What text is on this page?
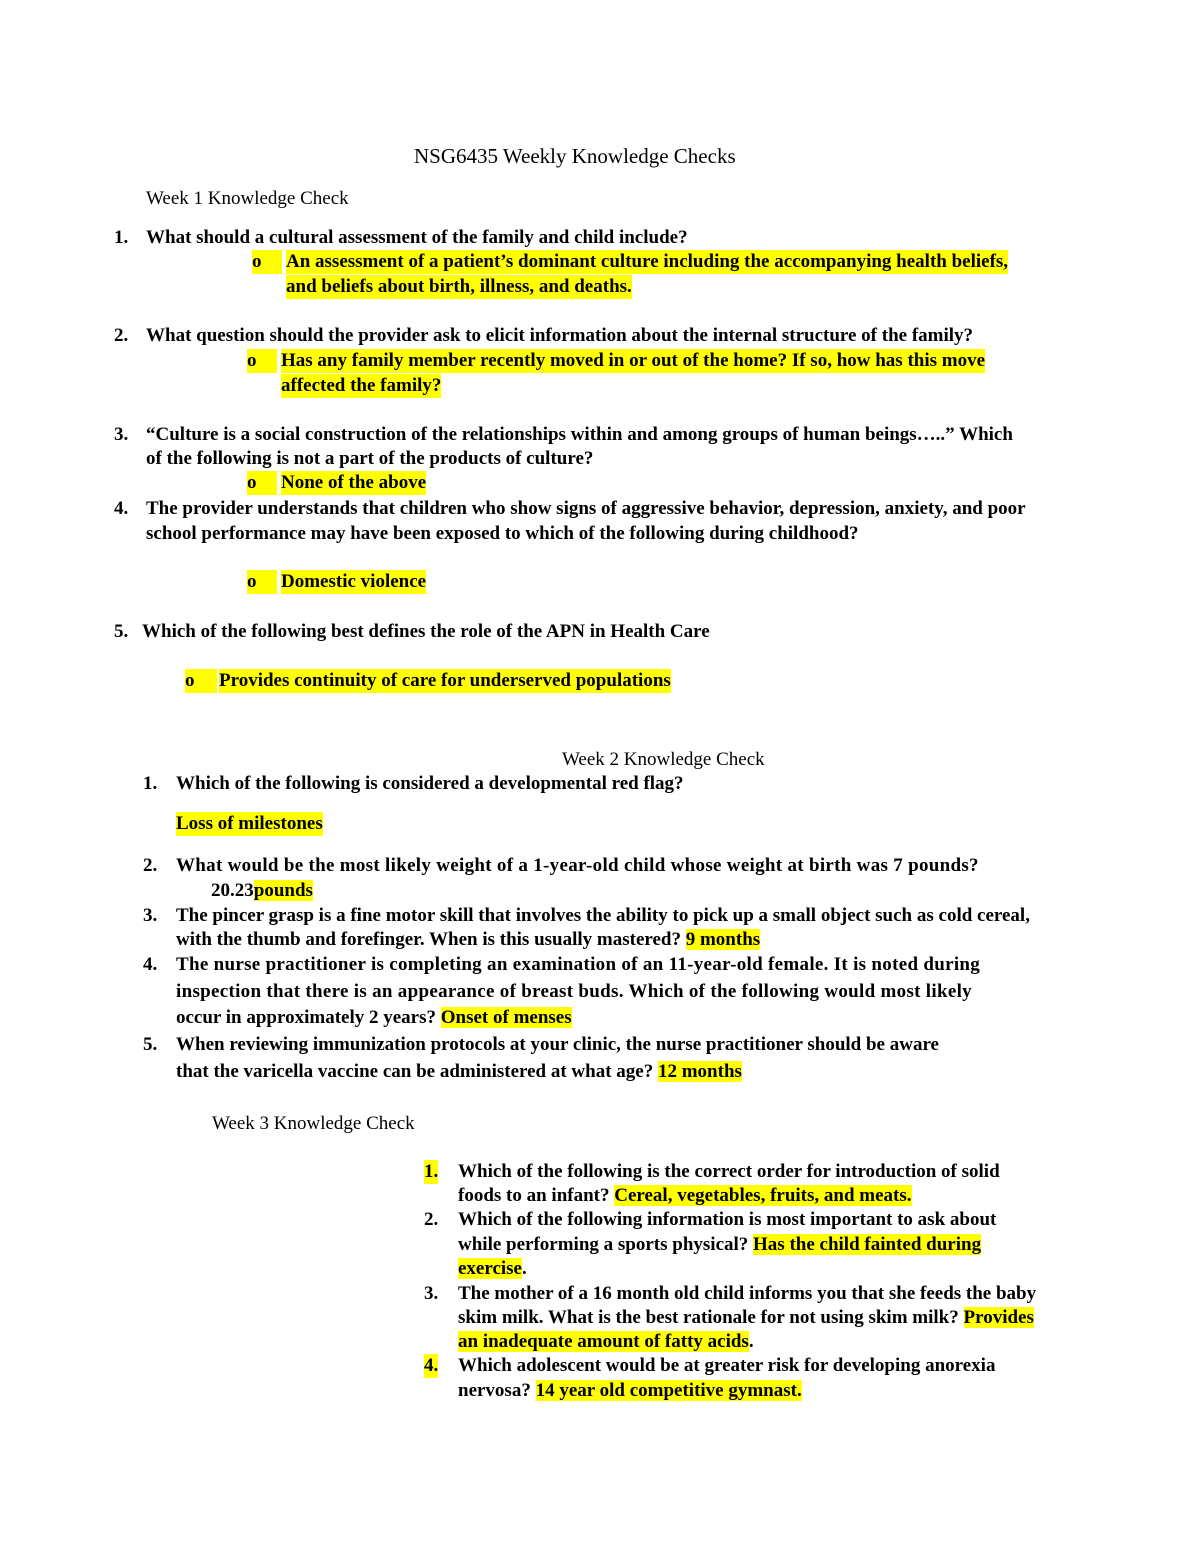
NSG6435 Weekly Knowledge Checks
Week 1 Knowledge Check
1. What should a cultural assessment of the family and child include?
o	An assessment of a patient’s dominant culture including the accompanying health beliefs,
and beliefs about birth, illness, and deaths.
2. What question should the provider ask to elicit information about the internal structure of the family?
o	Has any family member recently moved in or out of the home? If so, how has this move
affected the family?
3. “Culture is a social construction of the relationships within and among groups of human beings…..” Which
of the following is not a part of the products of culture?
o	None of the above
4. The provider understands that children who show signs of aggressive behavior, depression, anxiety, and poor
school performance may have been exposed to which of the following during childhood?
o	Domestic violence
5. Which of the following best defines the role of the APN in Health Care
o	Provides continuity of care for underserved populations
Week 2 Knowledge Check
1. Which of the following is considered a developmental red flag?
Loss of milestones
2. What would be the most likely weight of a 1-year-old child whose weight at birth was 7 pounds?
20.23pounds
3. The pincer grasp is a fine motor skill that involves the ability to pick up a small object such as cold cereal,
with the thumb and forefinger. When is this usually mastered? 9 months
4. The nurse practitioner is completing an examination of an 11-year-old female. It is noted during
inspection that there is an appearance of breast buds. Which of the following would most likely
occur in approximately 2 years? Onset of menses
5. When reviewing immunization protocols at your clinic, the nurse practitioner should be aware
that the varicella vaccine can be administered at what age? 12 months
Week 3 Knowledge Check
1. Which of the following is the correct order for introduction of solid
foods to an infant? Cereal, vegetables, fruits, and meats.
2. Which of the following information is most important to ask about
while performing a sports physical? Has the child fainted during
exercise.
3. The mother of a 16 month old child informs you that she feeds the baby
skim milk. What is the best rationale for not using skim milk? Provides
an inadequate amount of fatty acids.
4. Which adolescent would be at greater risk for developing anorexia
nervosa? 14 year old competitive gymnast.
